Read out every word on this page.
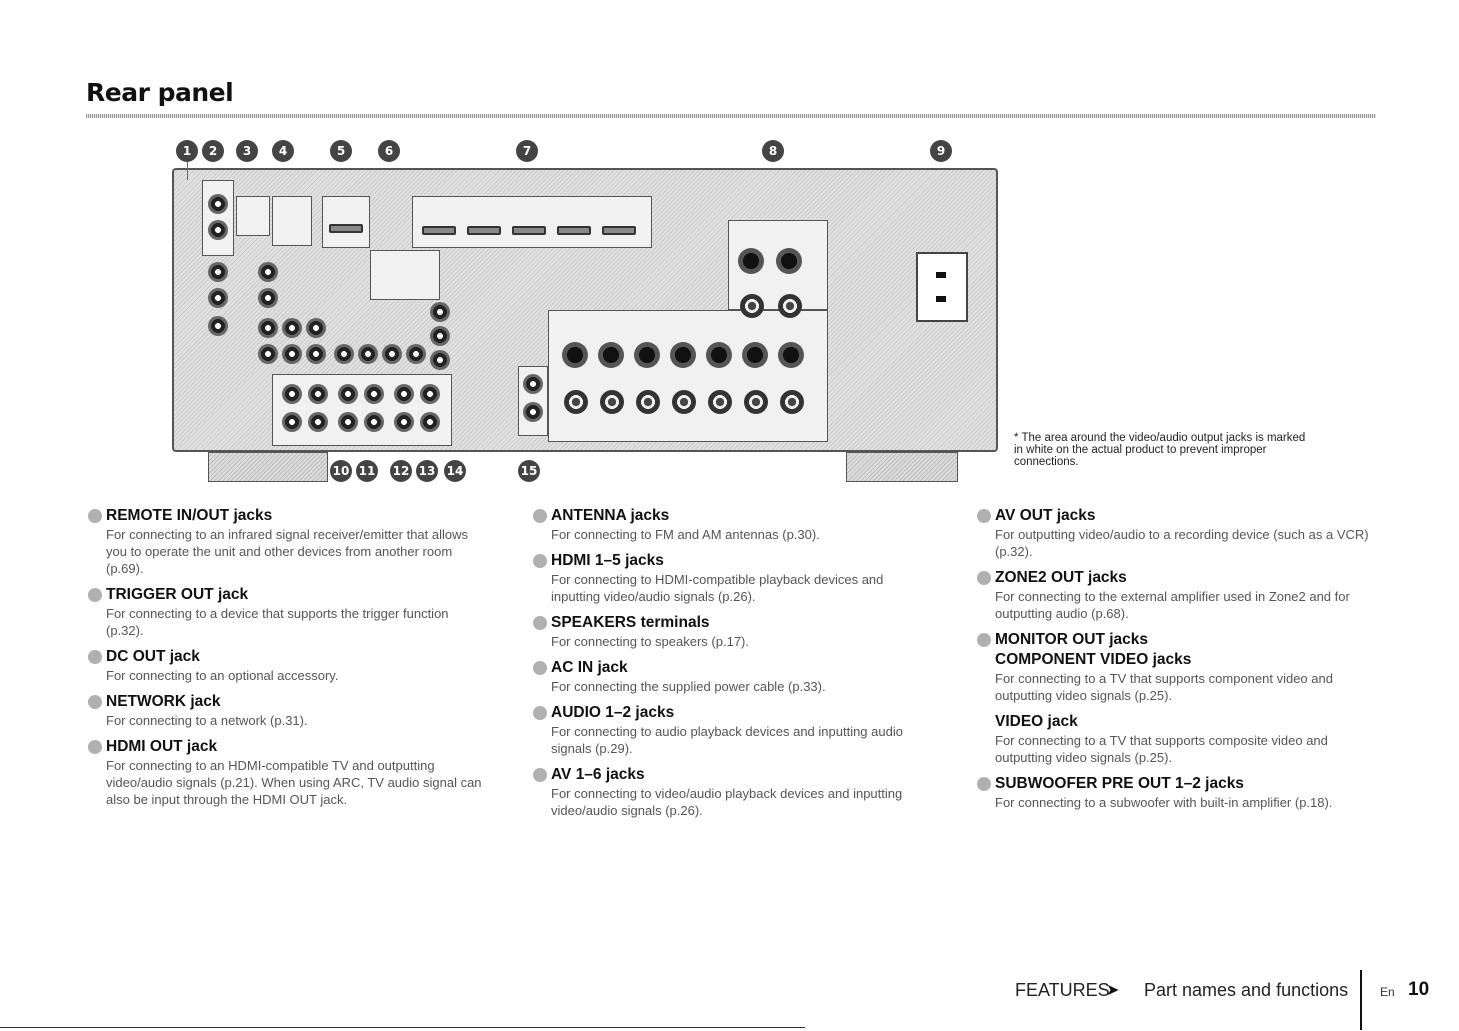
Rear panel
1	2	3	4	5	6	7	8	9
10 11 12 13 14	15
* The area around the video/audio output jacks is marked in white on the actual product to prevent improper connections.
REMOTE IN/OUT jacks
For connecting to an infrared signal receiver/emitter that allows you to operate the unit and other devices from another room (p.69).
TRIGGER OUT jack
For connecting to a device that supports the trigger function (p.32).
DC OUT jack
For connecting to an optional accessory.
NETWORK jack
For connecting to a network (p.31).
HDMI OUT jack
For connecting to an HDMI-compatible TV and outputting video/audio signals (p.21). When using ARC, TV audio signal can also be input through the HDMI OUT jack.
ANTENNA jacks
For connecting to FM and AM antennas (p.30).
HDMI 1–5 jacks
For connecting to HDMI-compatible playback devices and inputting video/audio signals (p.26).
SPEAKERS terminals
For connecting to speakers (p.17).
AC IN jack
For connecting the supplied power cable (p.33).
AUDIO 1–2 jacks
For connecting to audio playback devices and inputting audio signals (p.29).
AV 1–6 jacks
For connecting to video/audio playback devices and inputting video/audio signals (p.26).
AV OUT jacks
For outputting video/audio to a recording device (such as a VCR) (p.32).
ZONE2 OUT jacks
For connecting to the external amplifier used in Zone2 and for outputting audio (p.68).
MONITOR OUT jacks
COMPONENT VIDEO jacks
For connecting to a TV that supports component video and outputting video signals (p.25).
VIDEO jack
For connecting to a TV that supports composite video and outputting video signals (p.25).
SUBWOOFER PRE OUT 1–2 jacks
For connecting to a subwoofer with built-in amplifier (p.18).
FEATURES
➤ Part names and functions	En 10
